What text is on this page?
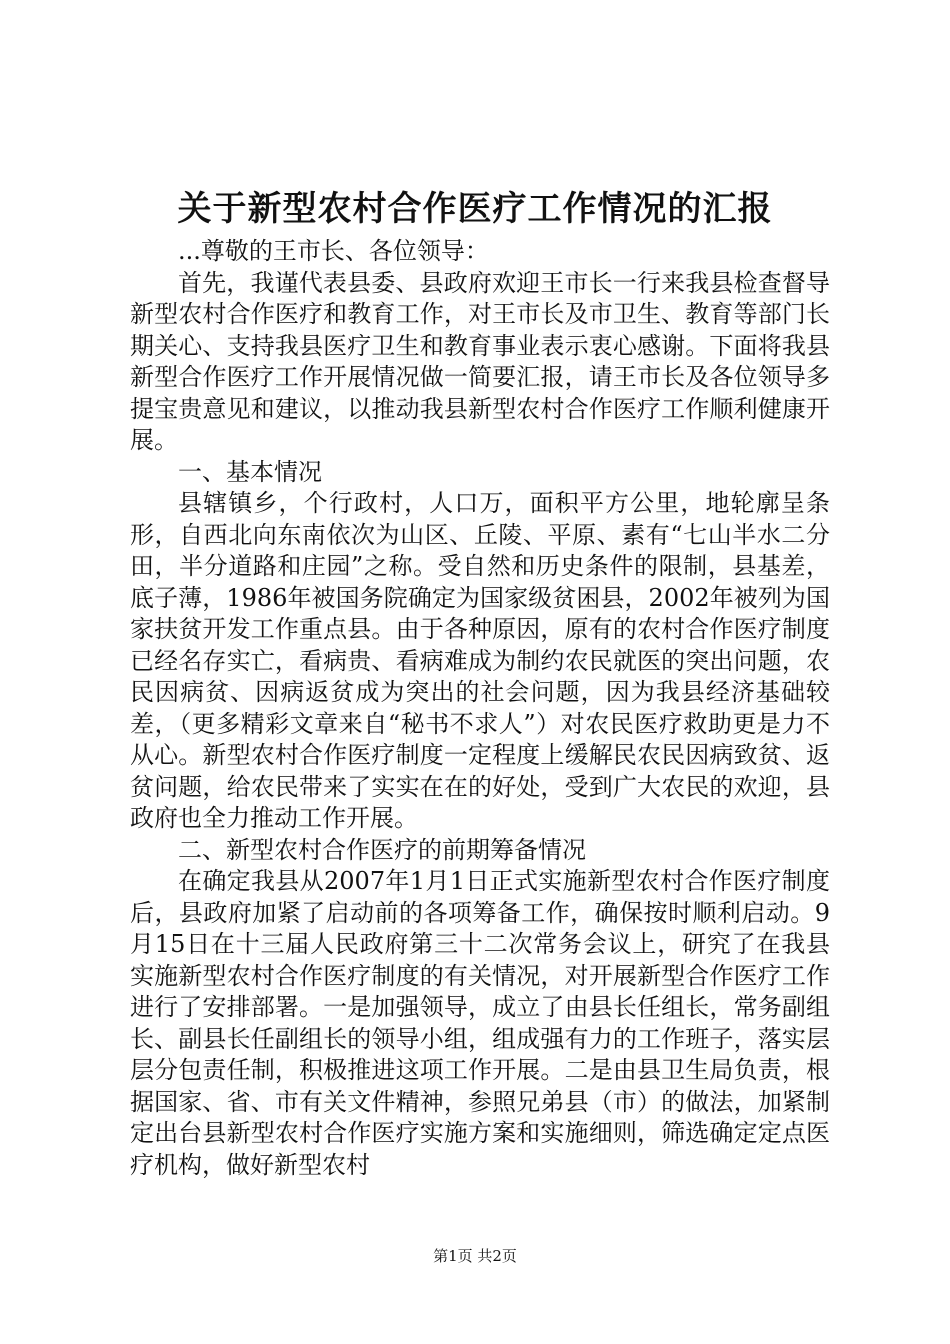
关于新型农村合作医疗工作情况的汇报

...尊敬的王市长、各位领导：

首先，我谨代表县委、县政府欢迎王市长一行来我县检查督导新型农村合作医疗和教育工作，对王市长及市卫生、教育等部门长期关心、支持我县医疗卫生和教育事业表示衷心感谢。下面将我县新型合作医疗工作开展情况做一简要汇报，请王市长及各位领导多提宝贵意见和建议，以推动我县新型农村合作医疗工作顺利健康开展。

一、基本情况

县辖镇乡，个行政村，人口万，面积平方公里，地轮廓呈条形，自西北向东南依次为山区、丘陵、平原、素有“七山半水二分田，半分道路和庄园”之称。受自然和历史条件的限制，县基差，底子薄，1986年被国务院确定为国家级贫困县，2002年被列为国家扶贫开发工作重点县。由于各种原因，原有的农村合作医疗制度已经名存实亡，看病贵、看病难成为制约农民就医的突出问题，农民因病贫、因病返贫成为突出的社会问题，因为我县经济基础较差，（更多精彩文章来自“秘书不求人”）对农民医疗救助更是力不从心。新型农村合作医疗制度一定程度上缓解民农民因病致贫、返贫问题，给农民带来了实实在在的好处，受到广大农民的欢迎，县政府也全力推动工作开展。

二、新型农村合作医疗的前期筹备情况

在确定我县从2007年1月1日正式实施新型农村合作医疗制度后，县政府加紧了启动前的各项筹备工作，确保按时顺利启动。9月15日在十三届人民政府第三十二次常务会议上，研究了在我县实施新型农村合作医疗制度的有关情况，对开展新型合作医疗工作进行了安排部署。一是加强领导，成立了由县长任组长，常务副组长、副县长任副组长的领导小组，组成强有力的工作班子，落实层层分包责任制，积极推进这项工作开展。二是由县卫生局负责，根据国家、省、市有关文件精神，参照兄弟县（市）的做法，加紧制定出台县新型农村合作医疗实施方案和实施细则，筛选确定定点医疗机构，做好新型农村

第1页 共2页
